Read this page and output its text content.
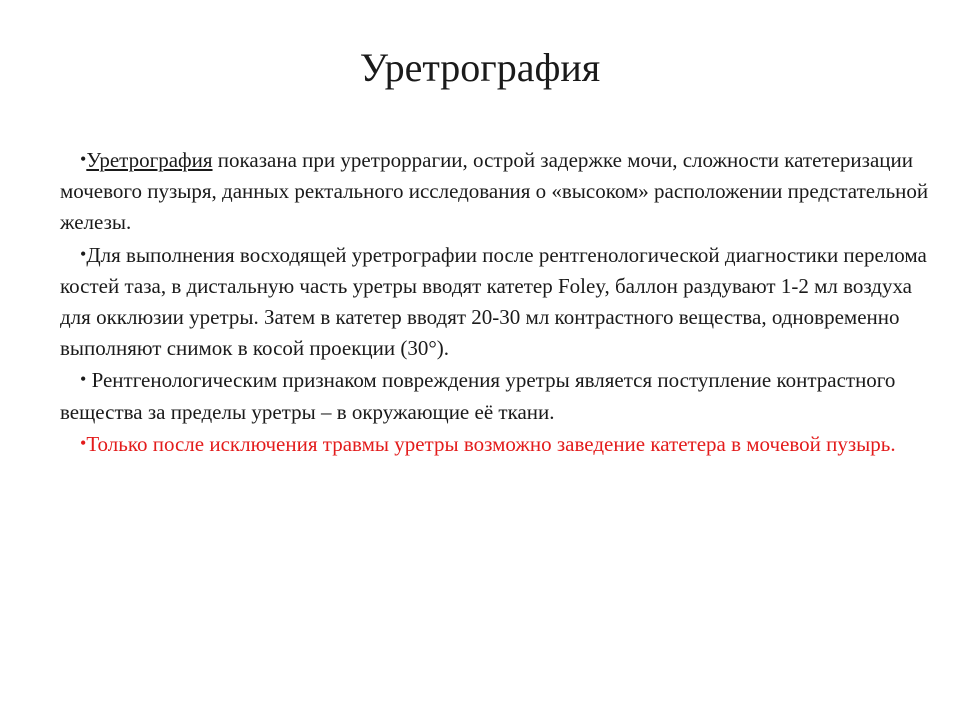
Уретрография

•Уретрография показана при уретроррагии, острой задержке мочи, сложности катетеризации мочевого пузыря, данных ректального исследования о «высоком» расположении предстательной железы.

•Для выполнения восходящей уретрографии после рентгенологической диагностики перелома костей таза, в дистальную часть уретры вводят катетер Foley, баллон раздувают 1-2 мл воздуха для окклюзии уретры. Затем в катетер вводят 20-30 мл контрастного вещества, одновременно выполняют снимок в косой проекции (30°).

• Рентгенологическим признаком повреждения уретры является поступление контрастного вещества за пределы уретры – в окружающие её ткани.

•Только после исключения травмы уретры возможно заведение катетера в мочевой пузырь.
